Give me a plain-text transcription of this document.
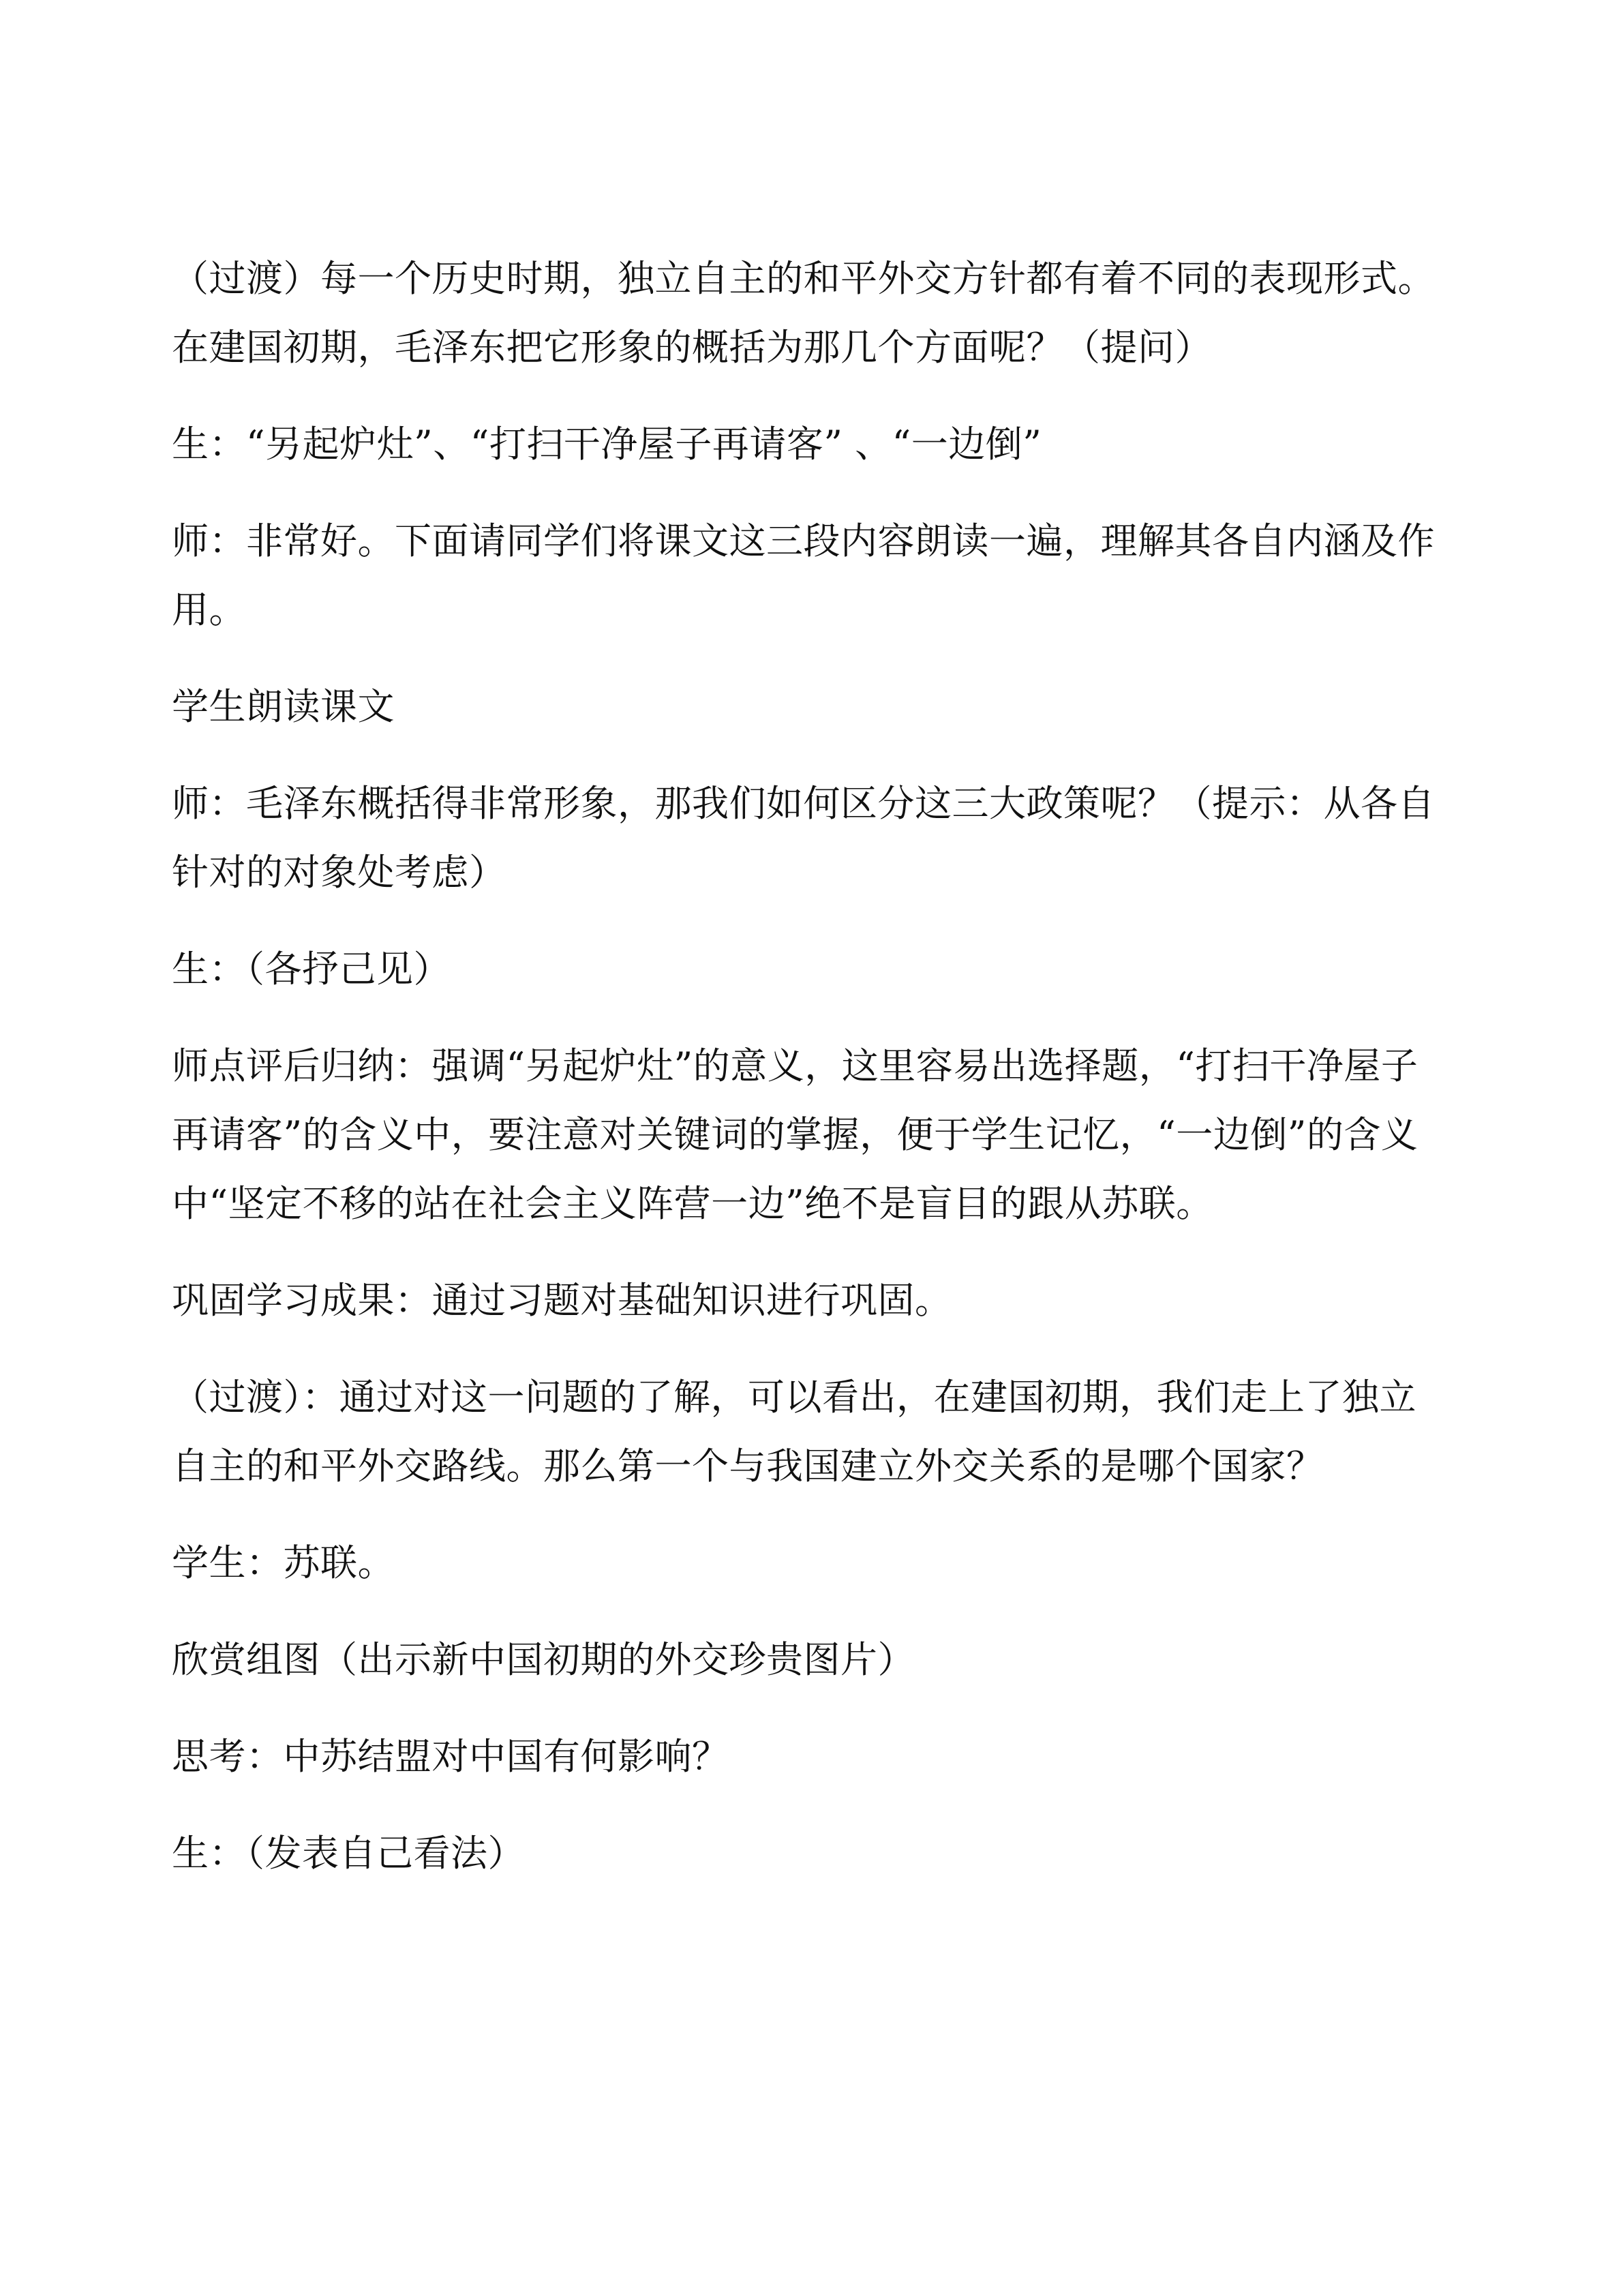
（过渡）每一个历史时期，独立自主的和平外交方针都有着不同的表现形式。在建国初期，毛泽东把它形象的概括为那几个方面呢？（提问）

生：“另起炉灶”、“打扫干净屋子再请客” 、“一边倒”

师：非常好。下面请同学们将课文这三段内容朗读一遍，理解其各自内涵及作用。

学生朗读课文

师：毛泽东概括得非常形象，那我们如何区分这三大政策呢？（提示：从各自针对的对象处考虑）

生：（各抒己见）

师点评后归纳：强调“另起炉灶”的意义，这里容易出选择题，“打扫干净屋子再请客”的含义中，要注意对关键词的掌握，便于学生记忆，“一边倒”的含义中“坚定不移的站在社会主义阵营一边”绝不是盲目的跟从苏联。

巩固学习成果：通过习题对基础知识进行巩固。

（过渡）：通过对这一问题的了解，可以看出，在建国初期，我们走上了独立自主的和平外交路线。那么第一个与我国建立外交关系的是哪个国家？

学生：苏联。

欣赏组图（出示新中国初期的外交珍贵图片）

思考：中苏结盟对中国有何影响？

生：（发表自己看法）
